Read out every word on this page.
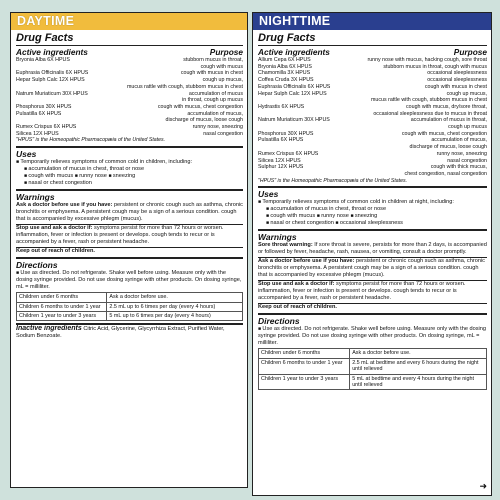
DAYTIME
Drug Facts
Active ingredients	Purpose
Bryonia Alba 6X HPUS	stubborn mucus in throat,
cough with mucus
Euphrasia Officinalis 6X HPUS	cough with mucus in chest
Hepar Sulph Calc 12X HPUS	cough up mucus,
mucus rattle with cough, stubborn mucus in chest
Natrum Muriaticum 30X HPUS	accumulation of mucus
in throat, cough up mucus
Phosphorus 30X HPUS	cough with mucus, chest congestion
Pulsatilla 6X HPUS	accumulation of mucus,
discharge of mucus, loose cough
Rumex Crispus 6X HPUS	runny nose, sneezing
Silicea 12X HPUS	nasal congestion
"HPUS" is the Homeopathic Pharmacopæia of the United States.
Uses
■ Temporarily relieves symptoms of common cold in children, including:
■ accumulation of mucus in chest, throat or nose
■ cough with mucus ■ runny nose ■ sneezing
■ nasal or chest congestion
Warnings
Ask a doctor before use if you have: persistent or chronic cough such as asthma, chronic bronchitis or emphysema. A persistent cough may be a sign of a serious condition. cough that is accompanied by excessive phlegm (mucus).
Stop use and ask a doctor if: symptoms persist for more than 72 hours or worsen. inflammation, fever or infection is present or develops. cough tends to recur or is accompanied by a fever, rash or persistent headache.
Keep out of reach of children.
Directions
■ Use as directed. Do not refrigerate. Shake well before using. Measure only with the dosing syringe provided. Do not use dosing syringe with other products. On dosing syringe, mL = milliliter.
Children under 6 months	Ask a doctor before use.
Children 6 months to under 1 year	2.5 mL up to 6 times per day (every 4 hours)
Children 1 year to under 3 years	5 mL up to 6 times per day (every 4 hours)
Inactive ingredients Citric Acid, Glycerine, Glycyrrhiza Extract, Purified Water, Sodium Benzoate.
NIGHTTIME
Drug Facts
Active ingredients	Purpose
Allium Cepa 6X HPUS	runny nose with mucus, hacking cough, sore throat
Bryonia Alba 6X HPUS	stubborn mucus in throat, cough with mucus
Chamomilla 3X HPUS	occasional sleeplessness
Coffea Cruda 3X HPUS	occasional sleeplessness
Euphrasia Officinalis 6X HPUS	cough with mucus in chest
Hepar Sulph Calc 12X HPUS	cough up mucus,
mucus rattle with cough, stubborn mucus in chest
Hydrastis 6X HPUS	cough with mucus, dry/sore throat,
occasional sleeplessness due to mucus in throat
Natrum Muriaticum 30X HPUS	accumulation of mucus in throat,
cough up mucus
Phosphorus 30X HPUS	cough with mucus, chest congestion
Pulsatilla 6X HPUS	accumulation of mucus,
discharge of mucus, loose cough
Rumex Crispus 6X HPUS	runny nose, sneezing
Silicea 12X HPUS	nasal congestion
Sulphur 12X HPUS	cough with thick mucus,
chest congestion, nasal congestion
"HPUS" is the Homeopathic Pharmacopæia of the United States.
Uses
■ Temporarily relieves symptoms of common cold in children at night, including:
■ accumulation of mucus in chest, throat or nose
■ cough with mucus ■ runny nose ■ sneezing
■ nasal or chest congestion ■ occasional sleeplessness
Warnings
Sore throat warning: If sore throat is severe, persists for more than 2 days, is accompanied or followed by fever, headache, rash, nausea, or vomiting, consult a doctor promptly.
Ask a doctor before use if you have: persistent or chronic cough such as asthma, chronic bronchitis or emphysema. A persistent cough may be a sign of a serious condition. cough that is accompanied by excessive phlegm (mucus).
Stop use and ask a doctor if: symptoms persist for more than 72 hours or worsen. inflammation, fever or infection is present or develops. cough tends to recur or is accompanied by a fever, rash or persistent headache.
Keep out of reach of children.
Directions
■ Use as directed. Do not refrigerate. Shake well before using. Measure only with the dosing syringe provided. Do not use dosing syringe with other products. On dosing syringe, mL = milliliter.
Children under 6 months	Ask a doctor before use.
Children 6 months to under 1 year	2.5 mL at bedtime and every 6 hours during the night until relieved
Children 1 year to under 3 years	5 mL at bedtime and every 4 hours during the night until relieved
➜
